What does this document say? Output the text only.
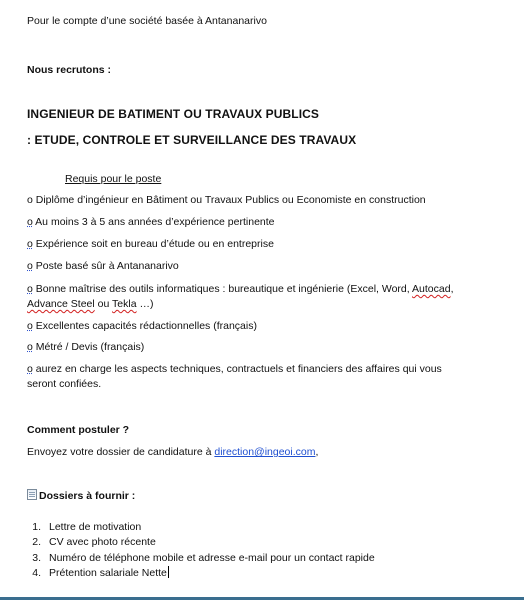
Pour le compte d’une société basée à Antananarivo
Nous recrutons :
INGENIEUR DE BATIMENT OU TRAVAUX PUBLICS
: ETUDE, CONTROLE ET SURVEILLANCE DES TRAVAUX
Requis pour le poste
o Diplôme d’ingénieur en Bâtiment ou Travaux Publics ou Economiste en construction
o Au moins 3 à 5 ans années d’expérience pertinente
o Expérience soit en bureau d’étude ou en entreprise
o Poste basé sûr à Antananarivo
o Bonne maîtrise des outils informatiques : bureautique et ingénierie (Excel, Word, Autocad,
Advance Steel ou Tekla …)
o Excellentes capacités rédactionnelles (français)
o Métré / Devis (français)
o aurez en charge les aspects techniques, contractuels et financiers des affaires qui vous
seront confiées.
Comment postuler ?
Envoyez votre dossier de candidature à direction@ingeoi.com,
Dossiers à fournir :
1. Lettre de motivation
2. CV avec photo récente
3. Numéro de téléphone mobile et adresse e-mail pour un contact rapide
4. Prétention salariale Nette
